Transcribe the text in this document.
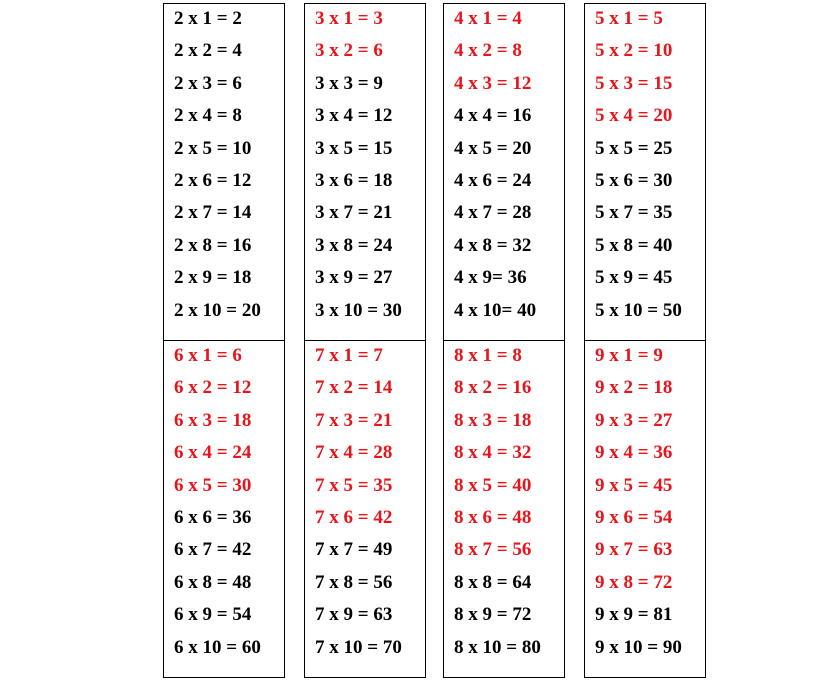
2 x 1 = 2
2 x 2 = 4
2 x 3 = 6
2 x 4 = 8
2 x 5 = 10
2 x 6 = 12
2 x 7 = 14
2 x 8 = 16
2 x 9 = 18
2 x 10 = 20
3 x 1 = 3
3 x 2 = 6
3 x 3 = 9
3 x 4 = 12
3 x 5 = 15
3 x 6 = 18
3 x 7 = 21
3 x 8 = 24
3 x 9 = 27
3 x 10 = 30
4 x 1 = 4
4 x 2 = 8
4 x 3 = 12
4 x 4 = 16
4 x 5 = 20
4 x 6 = 24
4 x 7 = 28
4 x 8 = 32
4 x 9= 36
4 x 10= 40
5 x 1 = 5
5 x 2 = 10
5 x 3 = 15
5 x 4 = 20
5 x 5 = 25
5 x 6 = 30
5 x 7 = 35
5 x 8 = 40
5 x 9 = 45
5 x 10 = 50
6 x 1 = 6
6 x 2 = 12
6 x 3 = 18
6 x 4 = 24
6 x 5 = 30
6 x 6 = 36
6 x 7 = 42
6 x 8 = 48
6 x 9 = 54
6 x 10 = 60
7 x 1 = 7
7 x 2 = 14
7 x 3 = 21
7 x 4 = 28
7 x 5 = 35
7 x 6 = 42
7 x 7 = 49
7 x 8 = 56
7 x 9 = 63
7 x 10 = 70
8 x 1 = 8
8 x 2 = 16
8 x 3 = 18
8 x 4 = 32
8 x 5 = 40
8 x 6 = 48
8 x 7 = 56
8 x 8 = 64
8 x 9 = 72
8 x 10 = 80
9 x 1 = 9
9 x 2 = 18
9 x 3 = 27
9 x 4 = 36
9 x 5 = 45
9 x 6 = 54
9 x 7 = 63
9 x 8 = 72
9 x 9 = 81
9 x 10 = 90
